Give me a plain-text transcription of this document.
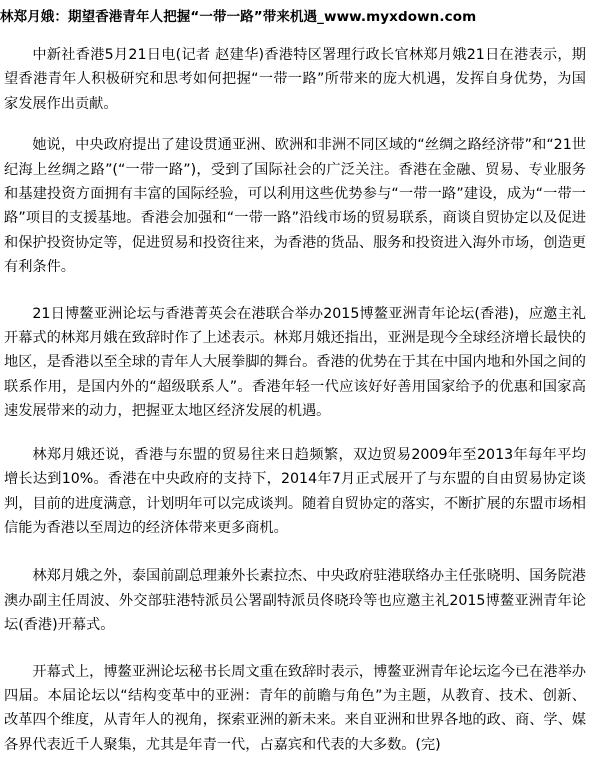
林郑月娥：期望香港青年人把握“一带一路”带来机遇_www.myxdown.com

中新社香港5月21日电(记者 赵建华)香港特区署理行政长官林郑月娥21日在港表示，期望香港青年人积极研究和思考如何把握“一带一路”所带来的庞大机遇，发挥自身优势，为国家发展作出贡献。

她说，中央政府提出了建设贯通亚洲、欧洲和非洲不同区域的“丝绸之路经济带”和“21世纪海上丝绸之路”(“一带一路”)，受到了国际社会的广泛关注。香港在金融、贸易、专业服务和基建投资方面拥有丰富的国际经验，可以利用这些优势参与“一带一路”建设，成为“一带一路”项目的支援基地。香港会加强和“一带一路”沿线市场的贸易联系，商谈自贸协定以及促进和保护投资协定等，促进贸易和投资往来，为香港的货品、服务和投资进入海外市场，创造更有利条件。

21日博鳌亚洲论坛与香港菁英会在港联合举办2015博鳌亚洲青年论坛(香港)，应邀主礼开幕式的林郑月娥在致辞时作了上述表示。林郑月娥还指出，亚洲是现今全球经济增长最快的地区，是香港以至全球的青年人大展拳脚的舞台。香港的优势在于其在中国内地和外国之间的联系作用，是国内外的“超级联系人”。香港年轻一代应该好好善用国家给予的优惠和国家高速发展带来的动力，把握亚太地区经济发展的机遇。

林郑月娥还说，香港与东盟的贸易往来日趋频繁，双边贸易2009年至2013年每年平均增长达到10%。香港在中央政府的支持下，2014年7月正式展开了与东盟的自由贸易协定谈判，目前的进度满意，计划明年可以完成谈判。随着自贸协定的落实，不断扩展的东盟市场相信能为香港以至周边的经济体带来更多商机。

林郑月娥之外，泰国前副总理兼外长素拉杰、中央政府驻港联络办主任张晓明、国务院港澳办副主任周波、外交部驻港特派员公署副特派员佟晓玲等也应邀主礼2015博鳌亚洲青年论坛(香港)开幕式。

开幕式上，博鳌亚洲论坛秘书长周文重在致辞时表示，博鳌亚洲青年论坛迄今已在港举办四届。本届论坛以“结构变革中的亚洲：青年的前瞻与角色”为主题，从教育、技术、创新、改革四个维度，从青年人的视角，探索亚洲的新未来。来自亚洲和世界各地的政、商、学、媒各界代表近千人聚集，尤其是年青一代，占嘉宾和代表的大多数。(完)
